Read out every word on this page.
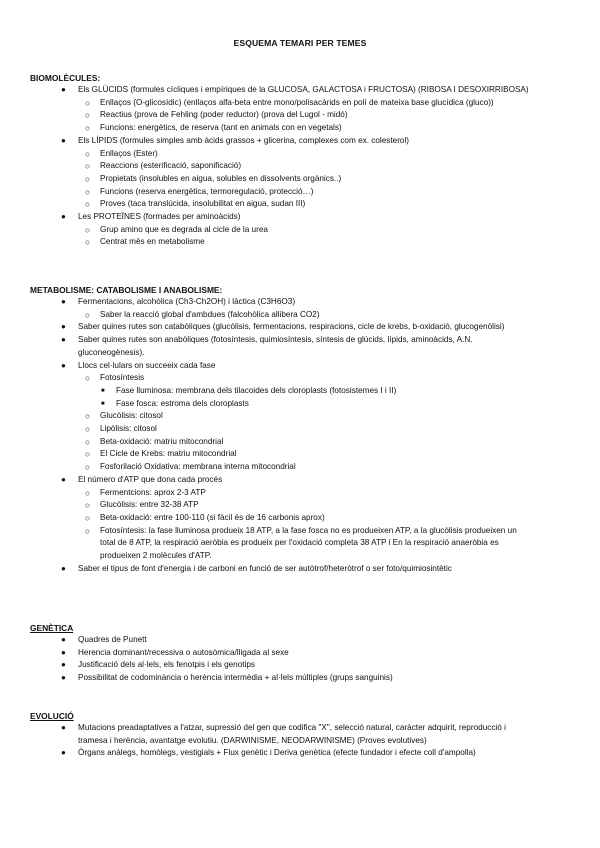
ESQUEMA TEMARI PER TEMES
BIOMOLÈCULES:
● Els GLÚCIDS (formules cícliques i empíriques de la GLUCOSA, GALACTOSA i FRUCTOSA) (RIBOSA I DESOXIRRIBOSA)
○ Enllaços (O-glicosídic) (enllaços alfa-beta entre mono/polisacàrids en polí de mateixa base glucídica (gluco))
○ Reactius (prova de Fehling (poder reductor) (prova del Lugol - midó)
○ Funcions: energètics, de reserva (tant en animals con en vegetals)
● Els LÍPIDS (formules simples amb àcids grassos + glicerina, complexes com ex. colesterol)
○ Enllaços (Ester)
○ Reaccions (esterificació, saponificació)
○ Propietats (insolubles en aigua, solubles en dissolvents orgànics..)
○ Funcions (reserva energètica, termoregulació, protecció…)
○ Proves (taca translúcida, insolubilitat en aigua, sudan III)
● Les PROTEÏNES (formades per aminoàcids)
○ Grup amino que es degrada al cicle de la urea
○ Centrat més en metabolisme
METABOLISME: CATABOLISME I ANABOLISME:
● Fermentacions, alcohòlica (Ch3-Ch2OH) i làctica (C3H6O3)
○ Saber la reacció global d'ambdues (falcohòlica allibera CO2)
● Saber quines rutes son catabòliques (glucòlisis, fermentacions, respiracions, cicle de krebs, b-oxidació, glucogenòlisi)
● Saber quines rutes son anabòliques (fotosíntesis, quimiosíntesis, síntesis de glúcids, lípids, aminoàcids, A.N.
gluconeogènesis).
● Llocs cel·lulars on succeeix cada fase
○ Fotosíntesis
■ Fase lluminosa: membrana dels tilacoides dels cloroplasts (fotosistemes I i II)
■ Fase fosca: estroma dels cloroplasts
○ Glucòlisis: citosol
○ Lipòlisis: citosol
○ Beta-oxidació: matriu mitocondrial
○ El Cicle de Krebs: matriu mitocondrial
○ Fosforilació Oxidativa: membrana interna mitocondrial
● El número d'ATP que dona cada procés
○ Fermentcions: aprox 2-3 ATP
○ Glucòlisis: entre 32-38 ATP
○ Beta-oxidació: entre 100-110 (si fàcil és de 16 carbonis aprox)
○ Fotosíntesis: la fase lluminosa produeix 18 ATP, a la fase fosca no es produeixen ATP, a la glucòlisis produeixen un
total de 8 ATP, la respiració aeròbia es produeix per l'oxidació completa 38 ATP i En la respiració anaeròbia es
produeixen 2 molècules d'ATP.
● Saber el tipus de font d'energia i de carboni en funció de ser autòtrof/heteròtrof o ser foto/quimiosintètic
GENÈTICA
● Quadres de Punett
● Herencia dominant/recessiva o autosòmica/lligada al sexe
● Justificació dels al·lels, els fenotpis i els genotips
● Possibilitat de codominància o herència intermèdia + al·lels múltiples (grups sanguinis)
EVOLUCIÓ
● Mutacions preadaptatives a l'atzar, supressió del gen que codifica "X", selecció natural, caràcter adquirit, reproducció i
tramesa i herència, avantatge evolutiu. (DARWINISME, NEODARWINISME) (Proves evolutives)
● Òrgans anàlegs, homòlegs, vestigials + Flux genètic i Deriva genètica (efecte fundador i efecte coll d'ampolla)
